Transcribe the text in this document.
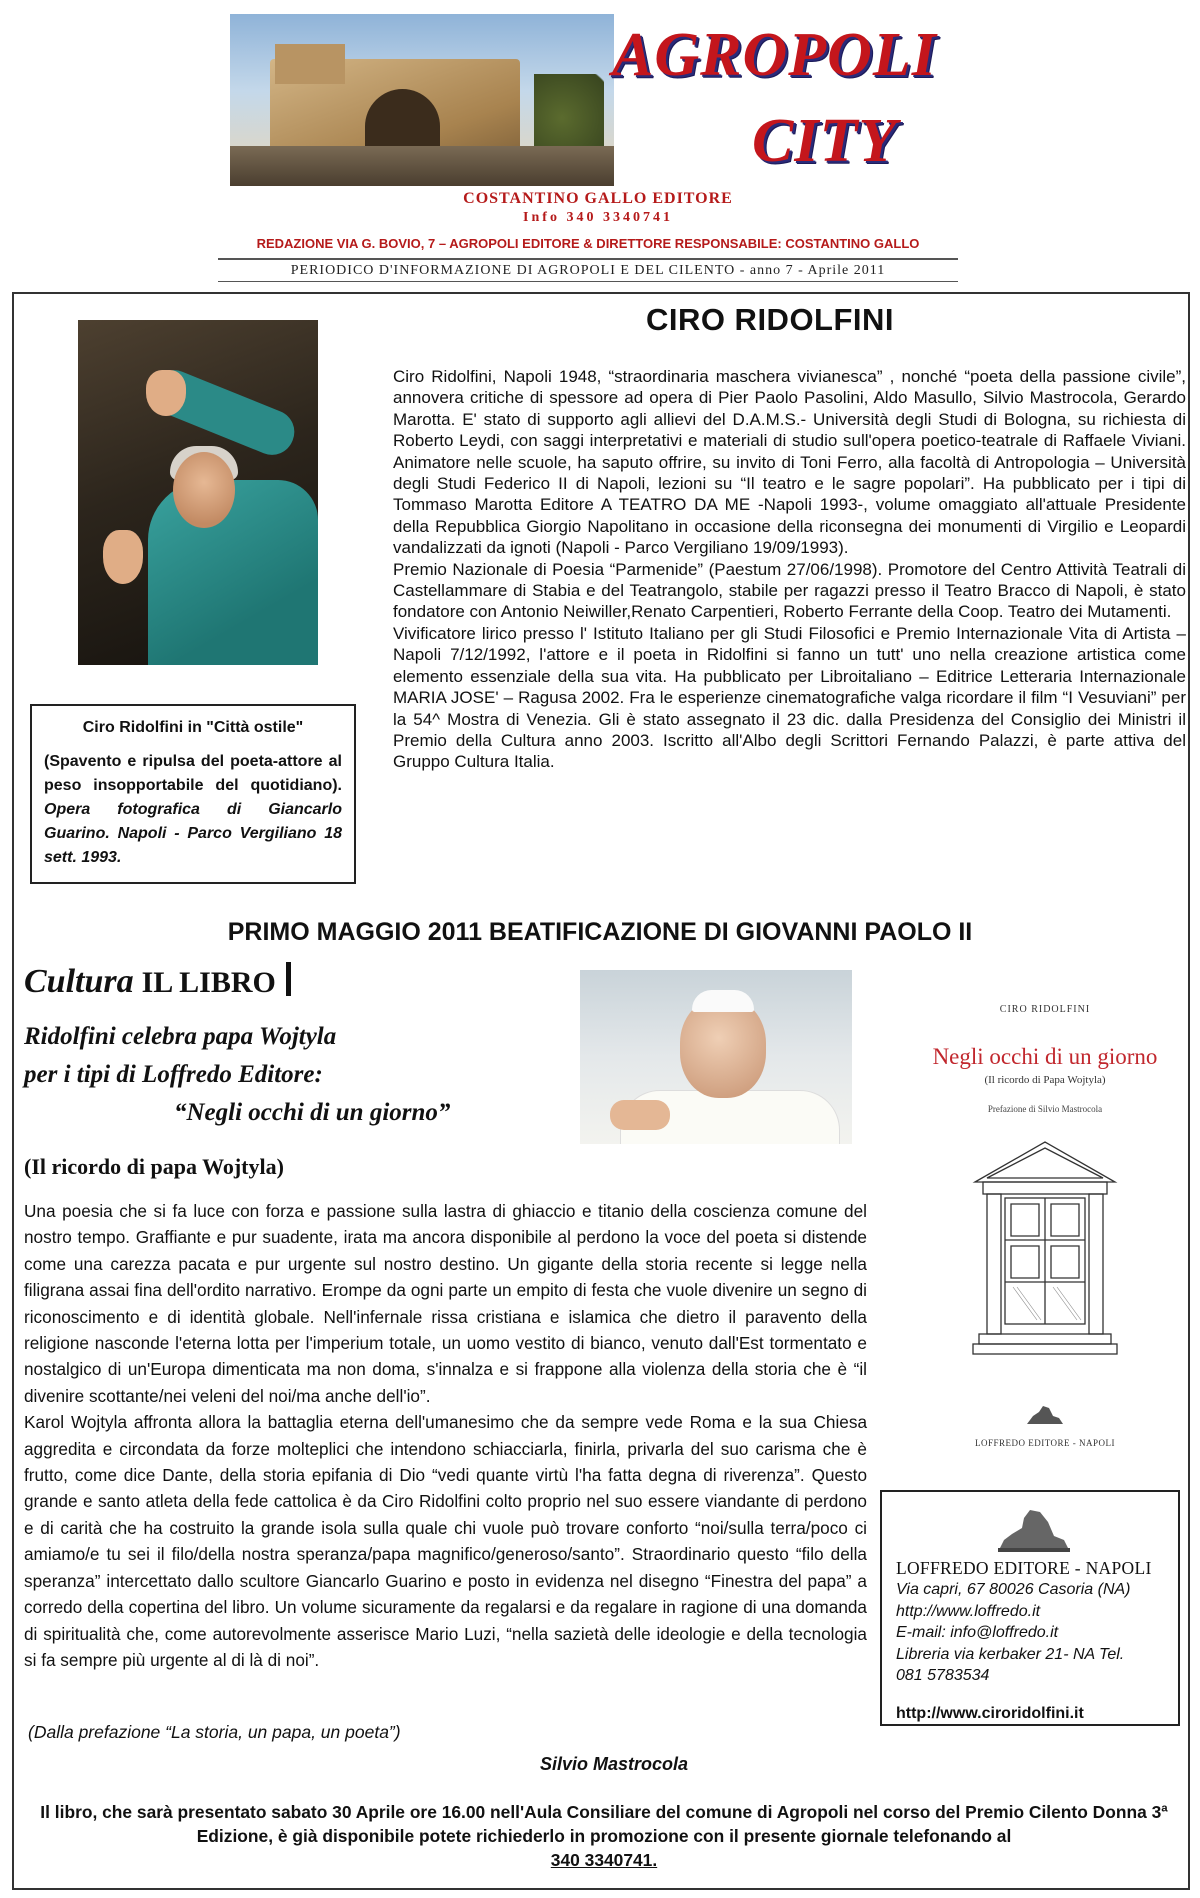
AGROPOLI
CITY
COSTANTINO GALLO EDITORE
Info 340 3340741
REDAZIONE VIA G. BOVIO, 7 – AGROPOLI EDITORE & DIRETTORE RESPONSABILE: COSTANTINO GALLO
PERIODICO D'INFORMAZIONE DI AGROPOLI E DEL CILENTO - anno 7 - Aprile 2011
Ciro Ridolfini in "Città ostile"
(Spavento e ripulsa del poeta-attore al peso insopportabile del quotidiano). Opera fotografica di Giancarlo Guarino. Napoli - Parco Vergiliano 18 sett. 1993.
CIRO RIDOLFINI

Ciro Ridolfini, Napoli 1948, “straordinaria maschera vivianesca” , nonché “poeta della passione civile”, annovera critiche di spessore ad opera di Pier Paolo Pasolini, Aldo Masullo, Silvio Mastrocola, Gerardo Marotta. E' stato di supporto agli allievi del D.A.M.S.- Università degli Studi di Bologna, su richiesta di Roberto Leydi, con saggi interpretativi e materiali di studio sull'opera poetico-teatrale di Raffaele Viviani. Animatore nelle scuole, ha saputo offrire, su invito di Toni Ferro, alla facoltà di Antropologia – Università degli Studi Federico II di Napoli, lezioni su “Il teatro e le sagre popolari”. Ha pubblicato per i tipi di Tommaso Marotta Editore A TEATRO DA ME -Napoli 1993-, volume omaggiato all'attuale Presidente della Repubblica Giorgio Napolitano in occasione della riconsegna dei monumenti di Virgilio e Leopardi vandalizzati da ignoti (Napoli - Parco Vergiliano 19/09/1993).

Premio Nazionale di Poesia “Parmenide” (Paestum 27/06/1998). Promotore del Centro Attività Teatrali di Castellammare di Stabia e del Teatrangolo, stabile per ragazzi presso il Teatro Bracco di Napoli, è stato fondatore con Antonio Neiwiller,Renato Carpentieri, Roberto Ferrante della Coop. Teatro dei Mutamenti.

Vivificatore lirico presso l' Istituto Italiano per gli Studi Filosofici e Premio Internazionale Vita di Artista – Napoli 7/12/1992, l'attore e il poeta in Ridolfini si fanno un tutt' uno nella creazione artistica come elemento essenziale della sua vita. Ha pubblicato per Libroitaliano – Editrice Letteraria Internazionale MARIA JOSE' – Ragusa 2002. Fra le esperienze cinematografiche valga ricordare il film “I Vesuviani” per la 54^ Mostra di Venezia. Gli è stato assegnato il 23 dic. dalla Presidenza del Consiglio dei Ministri il Premio della Cultura anno 2003. Iscritto all'Albo degli Scrittori Fernando Palazzi, è parte attiva del Gruppo Cultura Italia.

PRIMO MAGGIO 2011 BEATIFICAZIONE DI GIOVANNI PAOLO II
Cultura IL LIBRO
Ridolfini celebra papa Wojtyla
per i tipi di Loffredo Editore:
“Negli occhi di un giorno”
(Il ricordo di papa Wojtyla)

Una poesia che si fa luce con forza e passione sulla lastra di ghiaccio e titanio della coscienza comune del nostro tempo. Graffiante e pur suadente, irata ma ancora disponibile al perdono la voce del poeta si distende come una carezza pacata e pur urgente sul nostro destino. Un gigante della storia recente si legge nella filigrana assai fina dell'ordito narrativo. Erompe da ogni parte un empito di festa che vuole divenire un segno di riconoscimento e di identità globale. Nell'infernale rissa cristiana e islamica che dietro il paravento della religione nasconde l'eterna lotta per l'imperium totale, un uomo vestito di bianco, venuto dall'Est tormentato e nostalgico di un'Europa dimenticata ma non doma, s'innalza e si frappone alla violenza della storia che è “il divenire scottante/nei veleni del noi/ma anche dell'io”.

Karol Wojtyla affronta allora la battaglia eterna dell'umanesimo che da sempre vede Roma e la sua Chiesa aggredita e circondata da forze molteplici che intendono schiacciarla, finirla, privarla del suo carisma che è frutto, come dice Dante, della storia epifania di Dio “vedi quante virtù l'ha fatta degna di riverenza”. Questo grande e santo atleta della fede cattolica è da Ciro Ridolfini colto proprio nel suo essere viandante di perdono e di carità che ha costruito la grande isola sulla quale chi vuole può trovare conforto “noi/sulla terra/poco ci amiamo/e tu sei il filo/della nostra speranza/papa magnifico/generoso/santo”. Straordinario questo “filo della speranza” intercettato dallo scultore Giancarlo Guarino e posto in evidenza nel disegno “Finestra del papa” a corredo della copertina del libro. Un volume sicuramente da regalarsi e da regalare in ragione di una domanda di spiritualità che, come autorevolmente asserisce Mario Luzi, “nella sazietà delle ideologie e della tecnologia si fa sempre più urgente al di là di noi”.

(Dalla prefazione “La storia, un papa, un poeta”)
Silvio Mastrocola
Il libro, che sarà presentato sabato 30 Aprile ore 16.00 nell'Aula Consiliare del comune di Agropoli nel corso del Premio Cilento Donna 3ª Edizione, è già disponibile potete richiederlo in promozione con il presente giornale telefonando al
340 3340741.
CIRO RIDOLFINI
Negli occhi di un giorno
(Il ricordo di Papa Wojtyla)
Prefazione di Silvio Mastrocola
LOFFREDO EDITORE - NAPOLI
LOFFREDO EDITORE - NAPOLI
Via capri, 67 80026 Casoria (NA)
http://www.loffredo.it
E-mail: info@loffredo.it
Libreria via kerbaker 21- NA Tel.
081 5783534
http://www.ciroridolfini.it
